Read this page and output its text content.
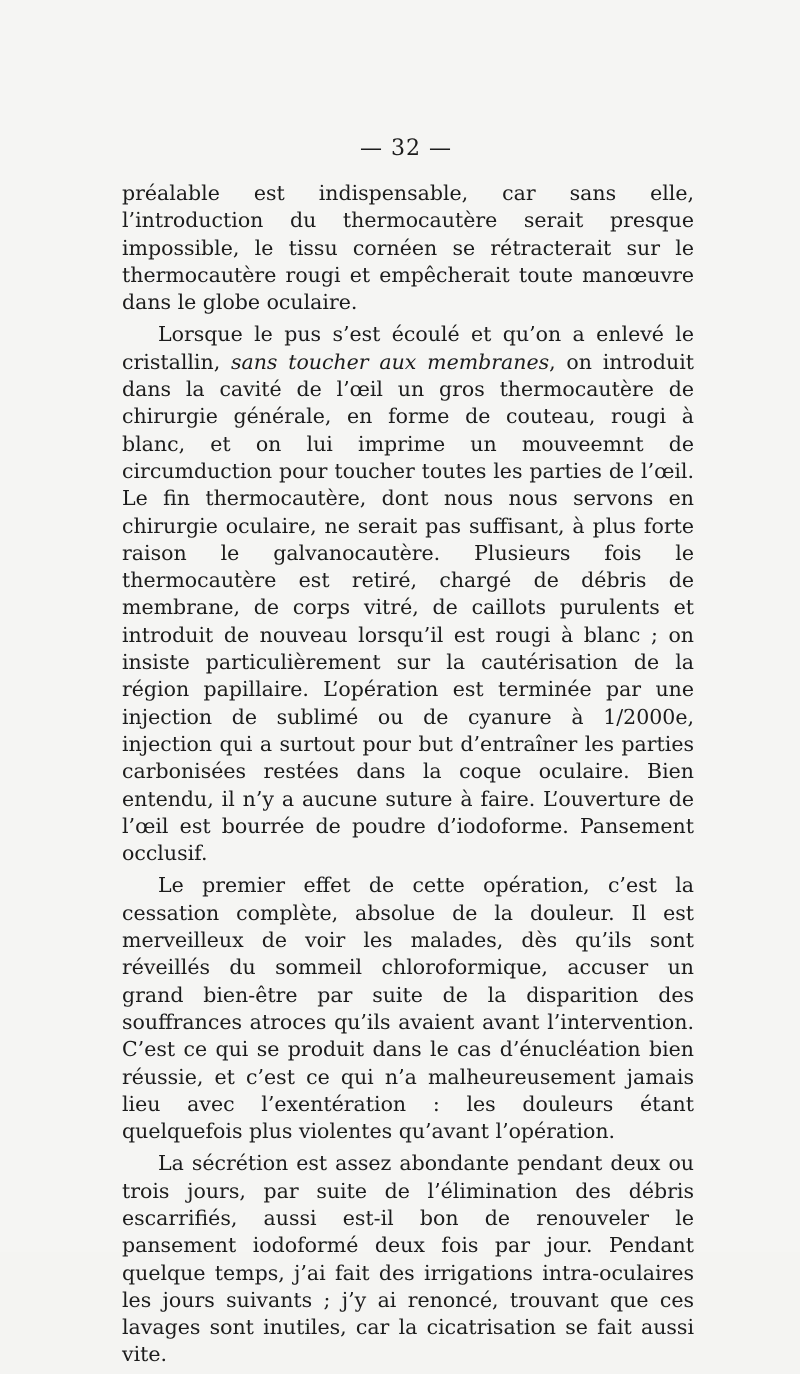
— 32 —

préalable est indispensable, car sans elle, l’introduction du thermocautère serait presque impossible, le tissu cornéen se rétracterait sur le thermocautère rougi et empêcherait toute manœuvre dans le globe oculaire.

Lorsque le pus s’est écoulé et qu’on a enlevé le cristallin, sans toucher aux membranes, on introduit dans la cavité de l’œil un gros thermocautère de chirurgie générale, en forme de couteau, rougi à blanc, et on lui imprime un mouveemnt de circumduction pour toucher toutes les parties de l’œil. Le fin thermocautère, dont nous nous servons en chirurgie oculaire, ne serait pas suffisant, à plus forte raison le galvanocautère. Plusieurs fois le thermocautère est retiré, chargé de débris de membrane, de corps vitré, de caillots purulents et introduit de nouveau lorsqu’il est rougi à blanc ; on insiste particulièrement sur la cautérisation de la région papillaire. L’opération est terminée par une injection de sublimé ou de cyanure à 1/2000e, injection qui a surtout pour but d’entraîner les parties carbonisées restées dans la coque oculaire. Bien entendu, il n’y a aucune suture à faire. L’ouverture de l’œil est bourrée de poudre d’iodoforme. Pansement occlusif.

Le premier effet de cette opération, c’est la cessation complète, absolue de la douleur. Il est merveilleux de voir les malades, dès qu’ils sont réveillés du sommeil chloroformique, accuser un grand bien-être par suite de la disparition des souffrances atroces qu’ils avaient avant l’intervention. C’est ce qui se produit dans le cas d’énucléation bien réussie, et c’est ce qui n’a malheureusement jamais lieu avec l’exentération : les douleurs étant quelquefois plus violentes qu’avant l’opération.

La sécrétion est assez abondante pendant deux ou trois jours, par suite de l’élimination des débris escarrifiés, aussi est-il bon de renouveler le pansement iodoformé deux fois par jour. Pendant quelque temps, j’ai fait des irrigations intra-oculaires les jours suivants ; j’y ai renoncé, trouvant que ces lavages sont inutiles, car la cicatrisation se fait aussi vite.
